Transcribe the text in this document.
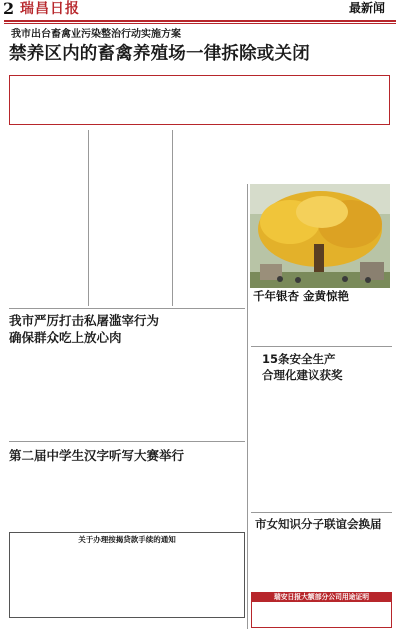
2 瑞昌日报	最新闻
我市出台畜禽业污染整治行动实施方案
禁养区内的畜禽养殖场一律拆除或关闭
千年银杏 金黄惊艳
我市严厉打击私屠滥宰行为
确保群众吃上放心肉
第二届中学生汉字听写大赛举行
关于办理按揭贷款手续的通知
15条安全生产
合理化建议获奖
市女知识分子联谊会换届
瑞安日报大额部分公司用途证明
